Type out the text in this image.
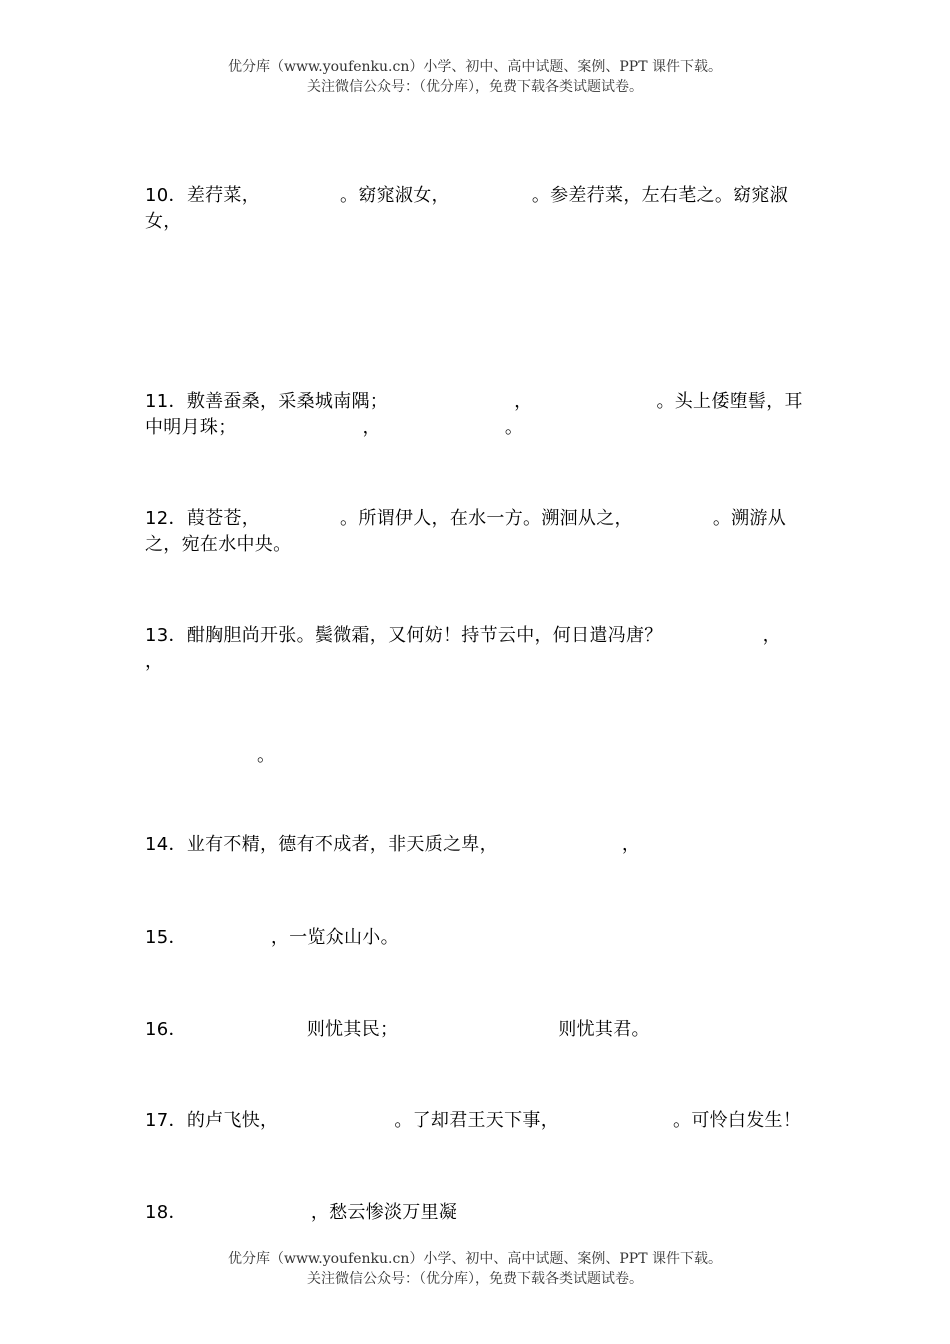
优分库（www.youfenku.cn）小学、初中、高中试题、案例、PPT 课件下载。
关注微信公众号：（优分库），免费下载各类试题试卷。
10．差荇菜，	。窈窕淑女，	。参差荇菜，左右芼之。窈窕淑
女，
11．敷善蚕桑，采桑城南隅；	，	。头上倭堕髻，耳
中明月珠；	，	。
12．葭苍苍，	。所谓伊人，在水一方。溯洄从之，	。溯游从
之，宛在水中央。
13．酣胸胆尚开张。鬓微霜，又何妨！持节云中，何日遣冯唐？	，
，
。
14．业有不精，德有不成者，非天质之卑，	，
15．	，一览众山小。
16．	则忧其民；	则忧其君。
17．的卢飞快，	。了却君王天下事，	。可怜白发生！
18．	，愁云惨淡万里凝
优分库（www.youfenku.cn）小学、初中、高中试题、案例、PPT 课件下载。
关注微信公众号：（优分库），免费下载各类试题试卷。
